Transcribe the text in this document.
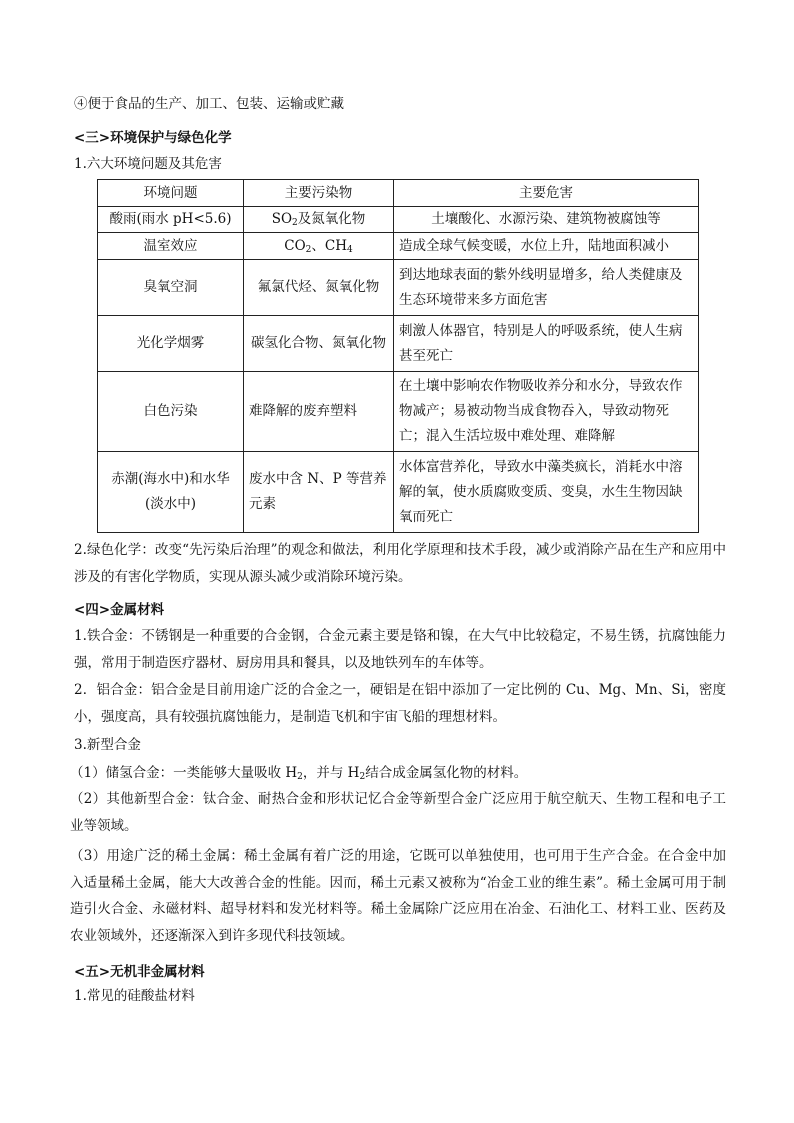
④便于食品的生产、加工、包装、运输或贮藏
<三>环境保护与绿色化学
1.六大环境问题及其危害
环境问题	主要污染物	主要危害
酸雨(雨水 pH<5.6)	$SO_2$及氮氧化物	土壤酸化、水源污染、建筑物被腐蚀等
温室效应	$CO_2$、$CH_4$	造成全球气候变暖，水位上升，陆地面积减小
臭氧空洞	氟氯代烃、氮氧化物	到达地球表面的紫外线明显增多，给人类健康及生态环境带来多方面危害
光化学烟雾	碳氢化合物、氮氧化物	刺激人体器官，特别是人的呼吸系统，使人生病甚至死亡
白色污染	难降解的废弃塑料	在土壤中影响农作物吸收养分和水分，导致农作物减产；易被动物当成食物吞入，导致动物死亡；混入生活垃圾中难处理、难降解
赤潮(海水中)和水华(淡水中)	废水中含 N、P 等营养元素	水体富营养化，导致水中藻类疯长，消耗水中溶解的氧，使水质腐败变质、变臭，水生生物因缺氧而死亡
2.绿色化学：改变“先污染后治理”的观念和做法，利用化学原理和技术手段，减少或消除产品在生产和应用中涉及的有害化学物质，实现从源头减少或消除环境污染。
<四>金属材料
1.铁合金：不锈钢是一种重要的合金钢，合金元素主要是铬和镍，在大气中比较稳定，不易生锈，抗腐蚀能力强，常用于制造医疗器材、厨房用具和餐具，以及地铁列车的车体等。
2．铝合金：铝合金是目前用途广泛的合金之一，硬铝是在铝中添加了一定比例的 Cu、Mg、Mn、Si，密度小，强度高，具有较强抗腐蚀能力，是制造飞机和宇宙飞船的理想材料。
3.新型合金
（1）储氢合金：一类能够大量吸收 $H_2$，并与 $H_2$结合成金属氢化物的材料。
（2）其他新型合金：钛合金、耐热合金和形状记忆合金等新型合金广泛应用于航空航天、生物工程和电子工业等领域。
（3）用途广泛的稀土金属：稀土金属有着广泛的用途，它既可以单独使用，也可用于生产合金。在合金中加入适量稀土金属，能大大改善合金的性能。因而，稀土元素又被称为“冶金工业的维生素”。稀土金属可用于制造引火合金、永磁材料、超导材料和发光材料等。稀土金属除广泛应用在冶金、石油化工、材料工业、医药及农业领域外，还逐渐深入到许多现代科技领域。
<五>无机非金属材料
1.常见的硅酸盐材料
